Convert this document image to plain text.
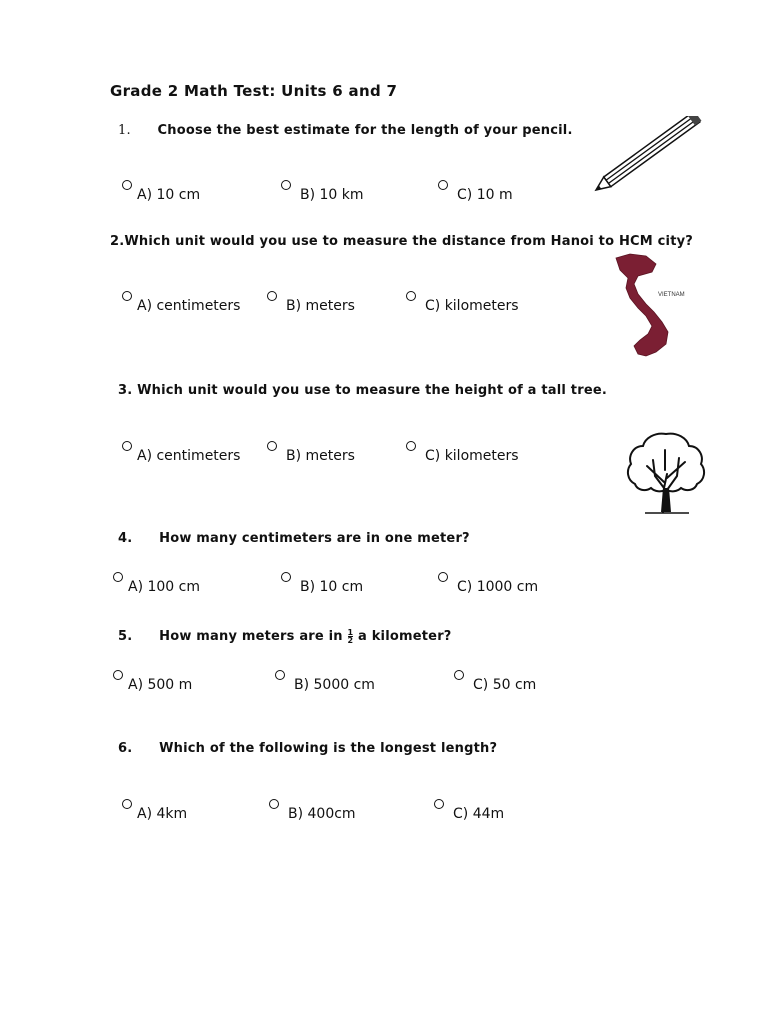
Grade 2 Math Test: Units 6 and 7
1. Choose the best estimate for the length of your pencil.
A) 10 cm	B) 10 km	C) 10 m
2.Which unit would you use to measure the distance from Hanoi to HCM city?
A) centimeters	B) meters	C) kilometers
VIETNAM
3. Which unit would you use to measure the height of a tall tree.
A) centimeters	B) meters	C) kilometers
4. How many centimeters are in one meter?
A) 100 cm	B) 10 cm	C) 1000 cm
5. How many meters are in $\frac{1}{2}$ a kilometer?
A) 500 m	B) 5000 cm	C) 50 cm
6. Which of the following is the longest length?
A) 4km	B) 400cm	C) 44m
